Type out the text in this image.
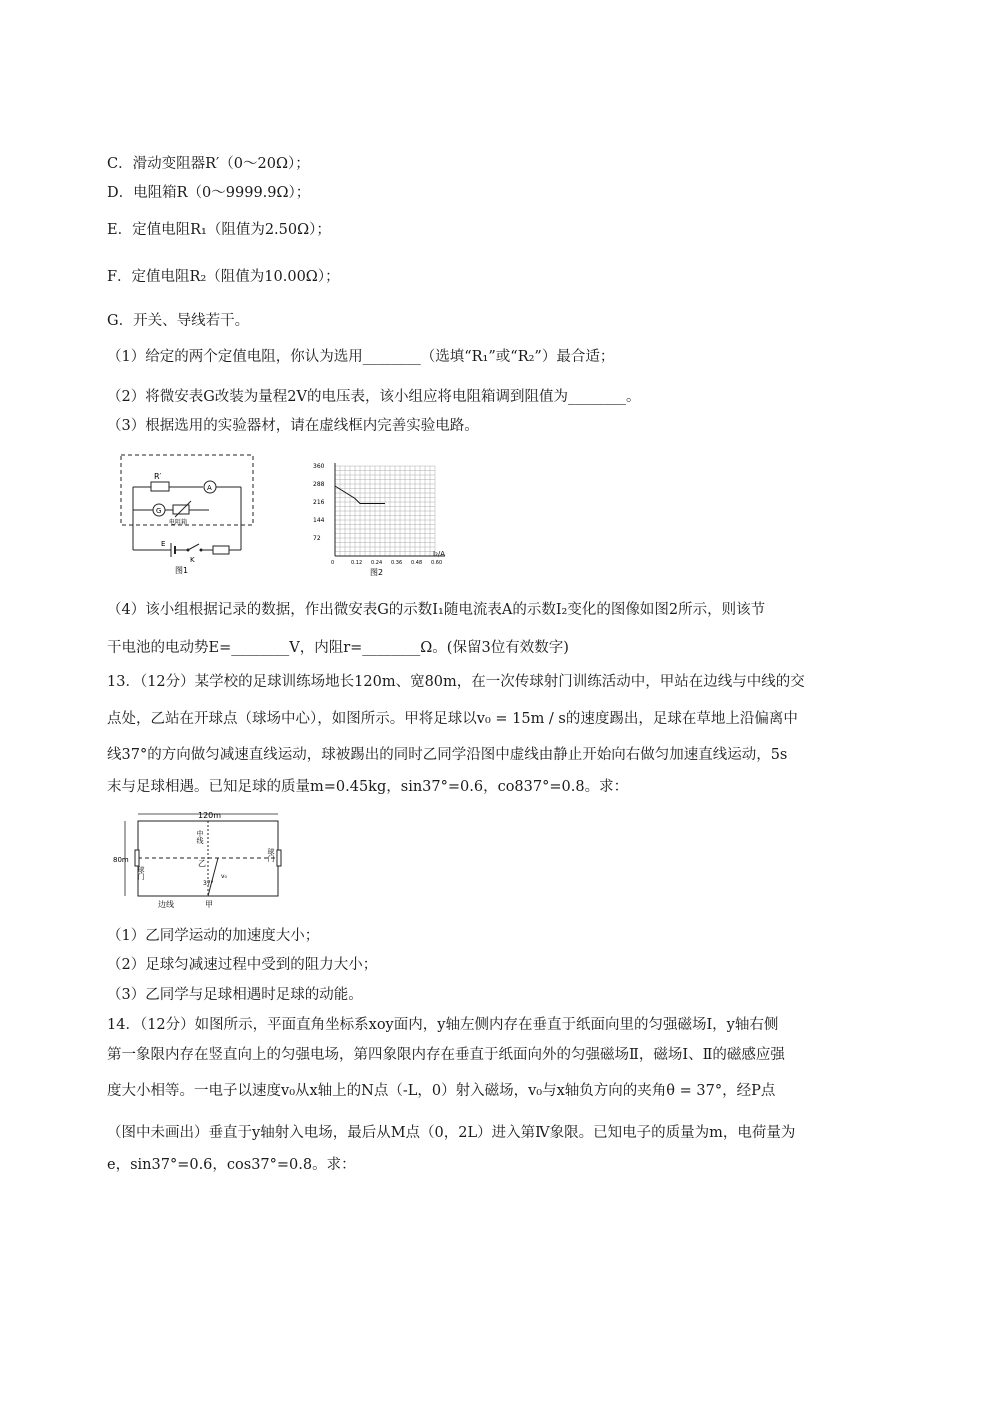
C．滑动变阻器R′（0～20Ω）；
D．电阻箱R（0～9999.9Ω）；
E．定值电阻R₁（阻值为2.50Ω）；
F．定值电阻R₂（阻值为10.00Ω）；
G．开关、导线若干。
（1）给定的两个定值电阻，你认为选用________（选填“R₁”或“R₂”）最合适；
（2）将微安表G改装为量程2V的电压表，该小组应将电阻箱调到阻值为________。
（3）根据选用的实验器材，请在虚线框内完善实验电路。
A
R′
G
电阻箱
E
K
图1
72
144
216
288
360
0	0.12 0.24 0.36 0.48 0.60
I₂/A
图2
（4）该小组根据记录的数据，作出微安表G的示数I₁随电流表A的示数I₂变化的图像如图2所示，则该节
干电池的电动势E=________V，内阻r=________Ω。(保留3位有效数字)
13．（12分）某学校的足球训练场地长120m、宽80m，在一次传球射门训练活动中，甲站在边线与中线的交
点处，乙站在开球点（球场中心），如图所示。甲将足球以v₀ = 15m / s的速度踢出，足球在草地上沿偏离中
线37°的方向做匀减速直线运动，球被踢出的同时乙同学沿图中虚线由静止开始向右做匀加速直线运动，5s
末与足球相遇。已知足球的质量m=0.45kg，sin37°=0.6，co837°=0.8。求：
120m
80m
球门
球门
中线
乙
v₀
37°
边线	甲
（1）乙同学运动的加速度大小；
（2）足球匀减速过程中受到的阻力大小；
（3）乙同学与足球相遇时足球的动能。
14．（12分）如图所示，平面直角坐标系xoy面内，y轴左侧内存在垂直于纸面向里的匀强磁场Ⅰ，y轴右侧
第一象限内存在竖直向上的匀强电场，第四象限内存在垂直于纸面向外的匀强磁场Ⅱ，磁场Ⅰ、Ⅱ的磁感应强
度大小相等。一电子以速度v₀从x轴上的N点（-L，0）射入磁场，v₀与x轴负方向的夹角θ = 37°，经P点
（图中未画出）垂直于y轴射入电场，最后从M点（0，2L）进入第Ⅳ象限。已知电子的质量为m，电荷量为
e，sin37°=0.6，cos37°=0.8。求：
